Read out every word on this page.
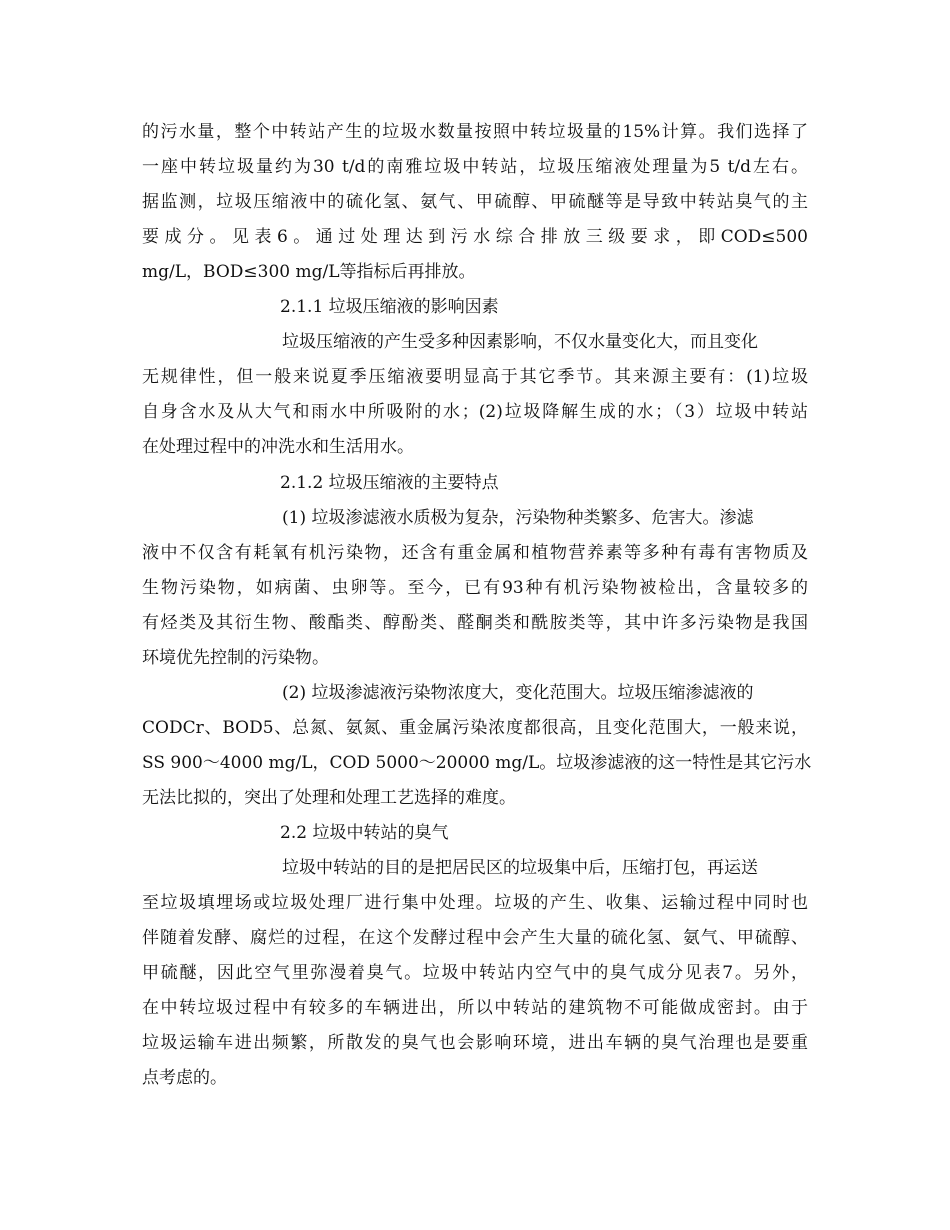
的污水量，整个中转站产生的垃圾水数量按照中转垃圾量的15%计算。我们选择了
一座中转垃圾量约为30 t/d的南雅垃圾中转站，垃圾压缩液处理量为5 t/d左右。
据监测，垃圾压缩液中的硫化氢、氨气、甲硫醇、甲硫醚等是导致中转站臭气的主
要成分。见表6。通过处理达到污水综合排放三级要求，即COD≤500
mg/L，BOD≤300 mg/L等指标后再排放。
2.1.1 垃圾压缩液的影响因素
垃圾压缩液的产生受多种因素影响，不仅水量变化大，而且变化
无规律性，但一般来说夏季压缩液要明显高于其它季节。其来源主要有：(1)垃圾
自身含水及从大气和雨水中所吸附的水；(2)垃圾降解生成的水；（3）垃圾中转站
在处理过程中的冲洗水和生活用水。
2.1.2 垃圾压缩液的主要特点
(1) 垃圾渗滤液水质极为复杂，污染物种类繁多、危害大。渗滤
液中不仅含有耗氧有机污染物，还含有重金属和植物营养素等多种有毒有害物质及
生物污染物，如病菌、虫卵等。至今，已有93种有机污染物被检出，含量较多的
有烃类及其衍生物、酸酯类、醇酚类、醛酮类和酰胺类等，其中许多污染物是我国
环境优先控制的污染物。
(2) 垃圾渗滤液污染物浓度大，变化范围大。垃圾压缩渗滤液的
CODCr、BOD5、总氮、氨氮、重金属污染浓度都很高，且变化范围大，一般来说，
SS 900～4000 mg/L，COD 5000～20000 mg/L。垃圾渗滤液的这一特性是其它污水
无法比拟的，突出了处理和处理工艺选择的难度。
2.2 垃圾中转站的臭气
垃圾中转站的目的是把居民区的垃圾集中后，压缩打包，再运送
至垃圾填埋场或垃圾处理厂进行集中处理。垃圾的产生、收集、运输过程中同时也
伴随着发酵、腐烂的过程，在这个发酵过程中会产生大量的硫化氢、氨气、甲硫醇、
甲硫醚，因此空气里弥漫着臭气。垃圾中转站内空气中的臭气成分见表7。另外，
在中转垃圾过程中有较多的车辆进出，所以中转站的建筑物不可能做成密封。由于
垃圾运输车进出频繁，所散发的臭气也会影响环境，进出车辆的臭气治理也是要重
点考虑的。
